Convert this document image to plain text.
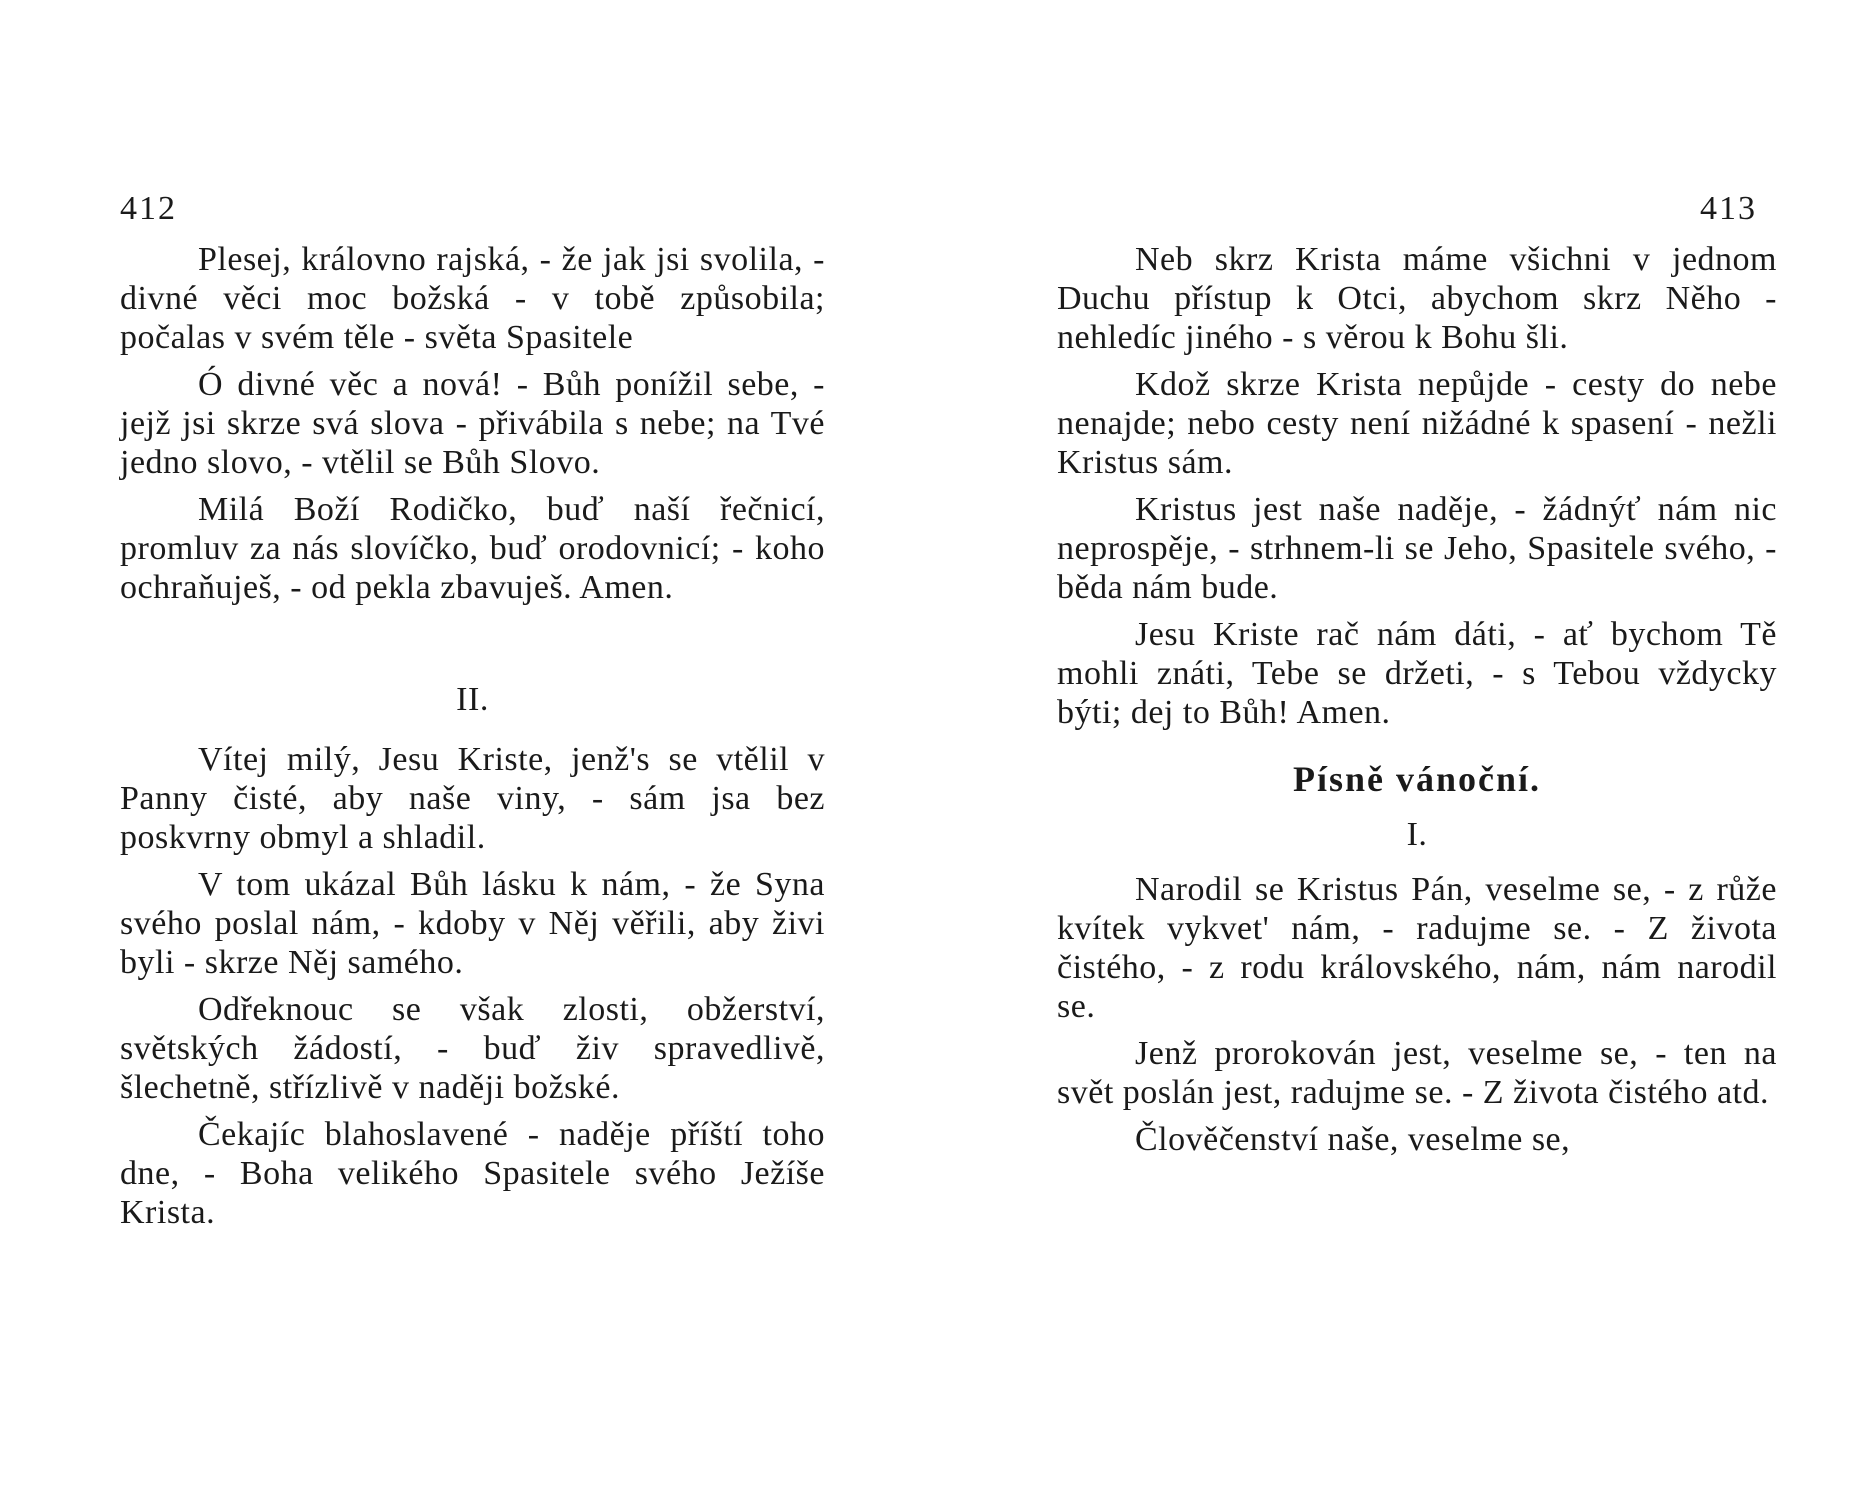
412

Plesej, královno rajská, - že jak jsi svolila, - divné věci moc božská - v tobě způsobila; počalas v svém těle - světa Spasitele

Ó divné věc a nová! - Bůh ponížil sebe, - jejž jsi skrze svá slova - přivábila s nebe; na Tvé jedno slovo, - vtělil se Bůh Slovo.

Milá Boží Rodičko, buď naší řečnicí, promluv za nás slovíčko, buď orodovnicí; - koho ochraňuješ, - od pekla zbavuješ. Amen.

II.

Vítej milý, Jesu Kriste, jenž's se vtělil v Panny čisté, aby naše viny, - sám jsa bez poskvrny obmyl a shladil.

V tom ukázal Bůh lásku k nám, - že Syna svého poslal nám, - kdoby v Něj věřili, aby živi byli - skrze Něj samého.

Odřeknouc se však zlosti, obžerství, světských žádostí, - buď živ spravedlivě, šlechetně, střízlivě v naději božské.

Čekajíc blahoslavené - naděje příští toho dne, - Boha velikého Spasitele svého Ježíše Krista.

413

Neb skrz Krista máme všichni v jednom Duchu přístup k Otci, abychom skrz Něho - nehledíc jiného - s věrou k Bohu šli.

Kdož skrze Krista nepůjde - cesty do nebe nenajde; nebo cesty není nižádné k spasení - nežli Kristus sám.

Kristus jest naše naděje, - žádnýť nám nic neprospěje, - strhnem-li se Jeho, Spasitele svého, - běda nám bude.

Jesu Kriste rač nám dáti, - ať bychom Tě mohli znáti, Tebe se držeti, - s Tebou vždycky býti; dej to Bůh! Amen.

Písně vánoční.

I.

Narodil se Kristus Pán, veselme se, - z růže kvítek vykvet' nám, - radujme se. - Z života čistého, - z rodu královského, nám, nám narodil se.

Jenž prorokován jest, veselme se, - ten na svět poslán jest, radujme se. - Z života čistého atd.

Člověčenství naše, veselme se,
